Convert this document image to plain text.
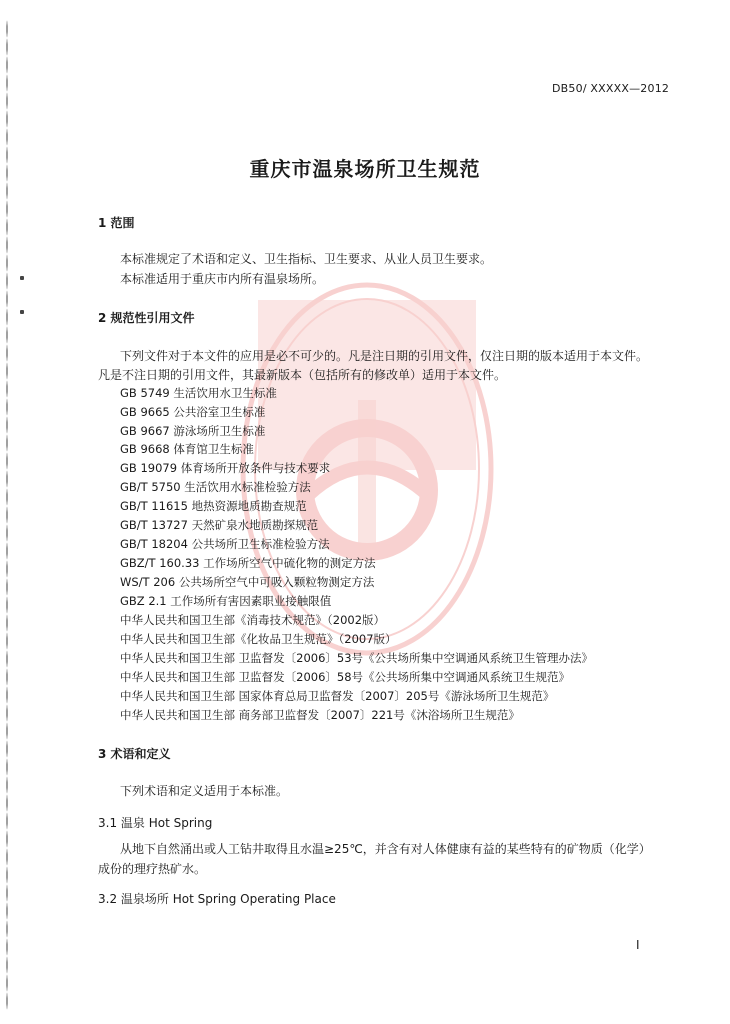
DB50/ XXXXX—2012
重庆市温泉场所卫生规范
1 范围
本标准规定了术语和定义、卫生指标、卫生要求、从业人员卫生要求。
本标准适用于重庆市内所有温泉场所。
2 规范性引用文件
下列文件对于本文件的应用是必不可少的。凡是注日期的引用文件，仅注日期的版本适用于本文件。
凡是不注日期的引用文件，其最新版本（包括所有的修改单）适用于本文件。
GB 5749 生活饮用水卫生标准
GB 9665 公共浴室卫生标准
GB 9667 游泳场所卫生标准
GB 9668 体育馆卫生标准
GB 19079 体育场所开放条件与技术要求
GB/T 5750 生活饮用水标准检验方法
GB/T 11615 地热资源地质勘查规范
GB/T 13727 天然矿泉水地质勘探规范
GB/T 18204 公共场所卫生标准检验方法
GBZ/T 160.33 工作场所空气中硫化物的测定方法
WS/T 206 公共场所空气中可吸入颗粒物测定方法
GBZ 2.1 工作场所有害因素职业接触限值
中华人民共和国卫生部《消毒技术规范》（2002版）
中华人民共和国卫生部《化妆品卫生规范》（2007版）
中华人民共和国卫生部 卫监督发〔2006〕53号《公共场所集中空调通风系统卫生管理办法》
中华人民共和国卫生部 卫监督发〔2006〕58号《公共场所集中空调通风系统卫生规范》
中华人民共和国卫生部 国家体育总局卫监督发〔2007〕205号《游泳场所卫生规范》
中华人民共和国卫生部 商务部卫监督发〔2007〕221号《沐浴场所卫生规范》
3 术语和定义
下列术语和定义适用于本标准。
3.1 温泉 Hot Spring
从地下自然涌出或人工钻井取得且水温≥25℃，并含有对人体健康有益的某些特有的矿物质（化学）
成份的理疗热矿水。
3.2 温泉场所 Hot Spring Operating Place
I
